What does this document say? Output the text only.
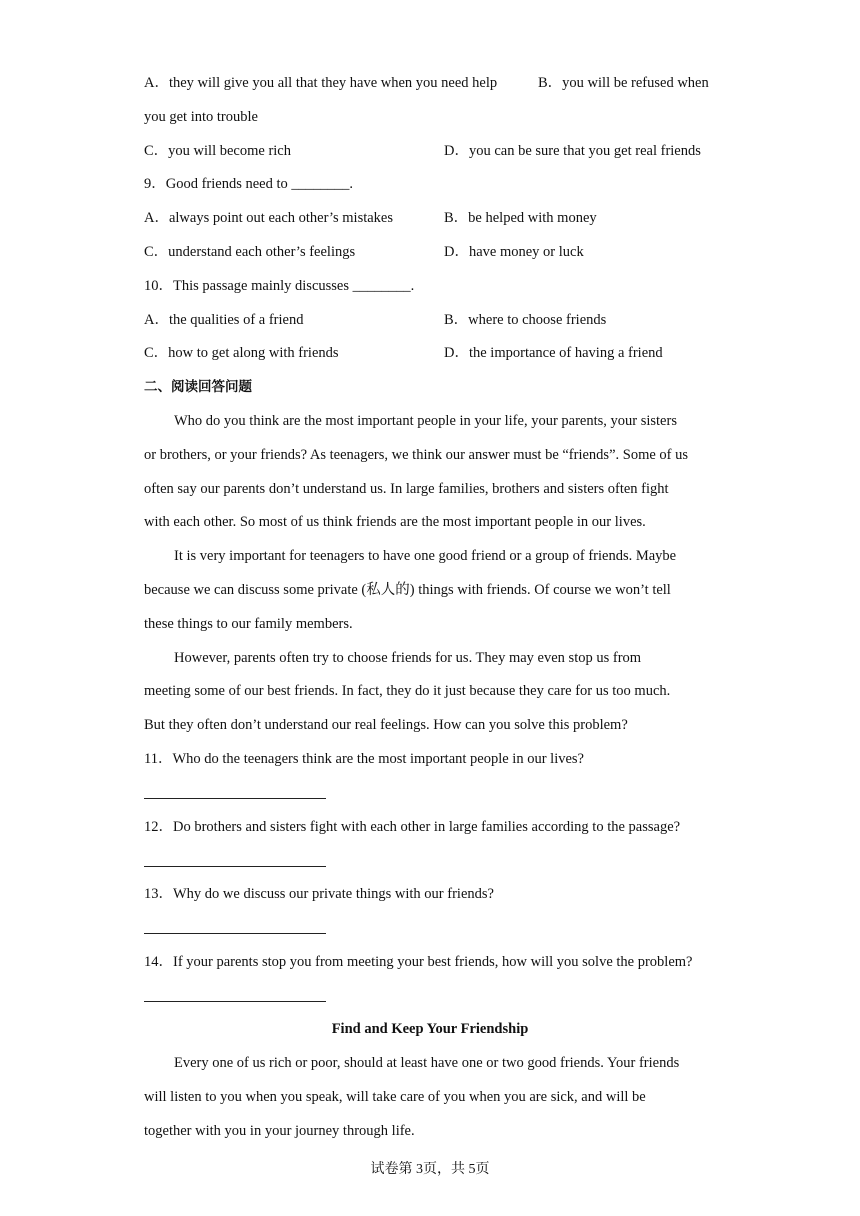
A．they will give you all that they have when you need help	B．you will be refused when
you get into trouble
C．you will become rich	D．you can be sure that you get real friends
9．Good friends need to ________.
A．always point out each other’s mistakes	B．be helped with money
C．understand each other’s feelings	D．have money or luck
10．This passage mainly discusses ________.
A．the qualities of a friend	B．where to choose friends
C．how to get along with friends	D．the importance of having a friend
二、阅读回答问题
Who do you think are the most important people in your life, your parents, your sisters
or brothers, or your friends? As teenagers, we think our answer must be “friends”. Some of us
often say our parents don’t understand us. In large families, brothers and sisters often fight
with each other. So most of us think friends are the most important people in our lives.
It is very important for teenagers to have one good friend or a group of friends. Maybe
because we can discuss some private (私人的) things with friends. Of course we won’t tell
these things to our family members.
However, parents often try to choose friends for us. They may even stop us from
meeting some of our best friends. In fact, they do it just because they care for us too much.
But they often don’t understand our real feelings. How can you solve this problem?
11．Who do the teenagers think are the most important people in our lives?
12．Do brothers and sisters fight with each other in large families according to the passage?
13．Why do we discuss our private things with our friends?
14．If your parents stop you from meeting your best friends, how will you solve the problem?
Find and Keep Your Friendship
Every one of us rich or poor, should at least have one or two good friends. Your friends
will listen to you when you speak, will take care of you when you are sick, and will be
together with you in your journey through life.
试卷第 3页，共 5页
